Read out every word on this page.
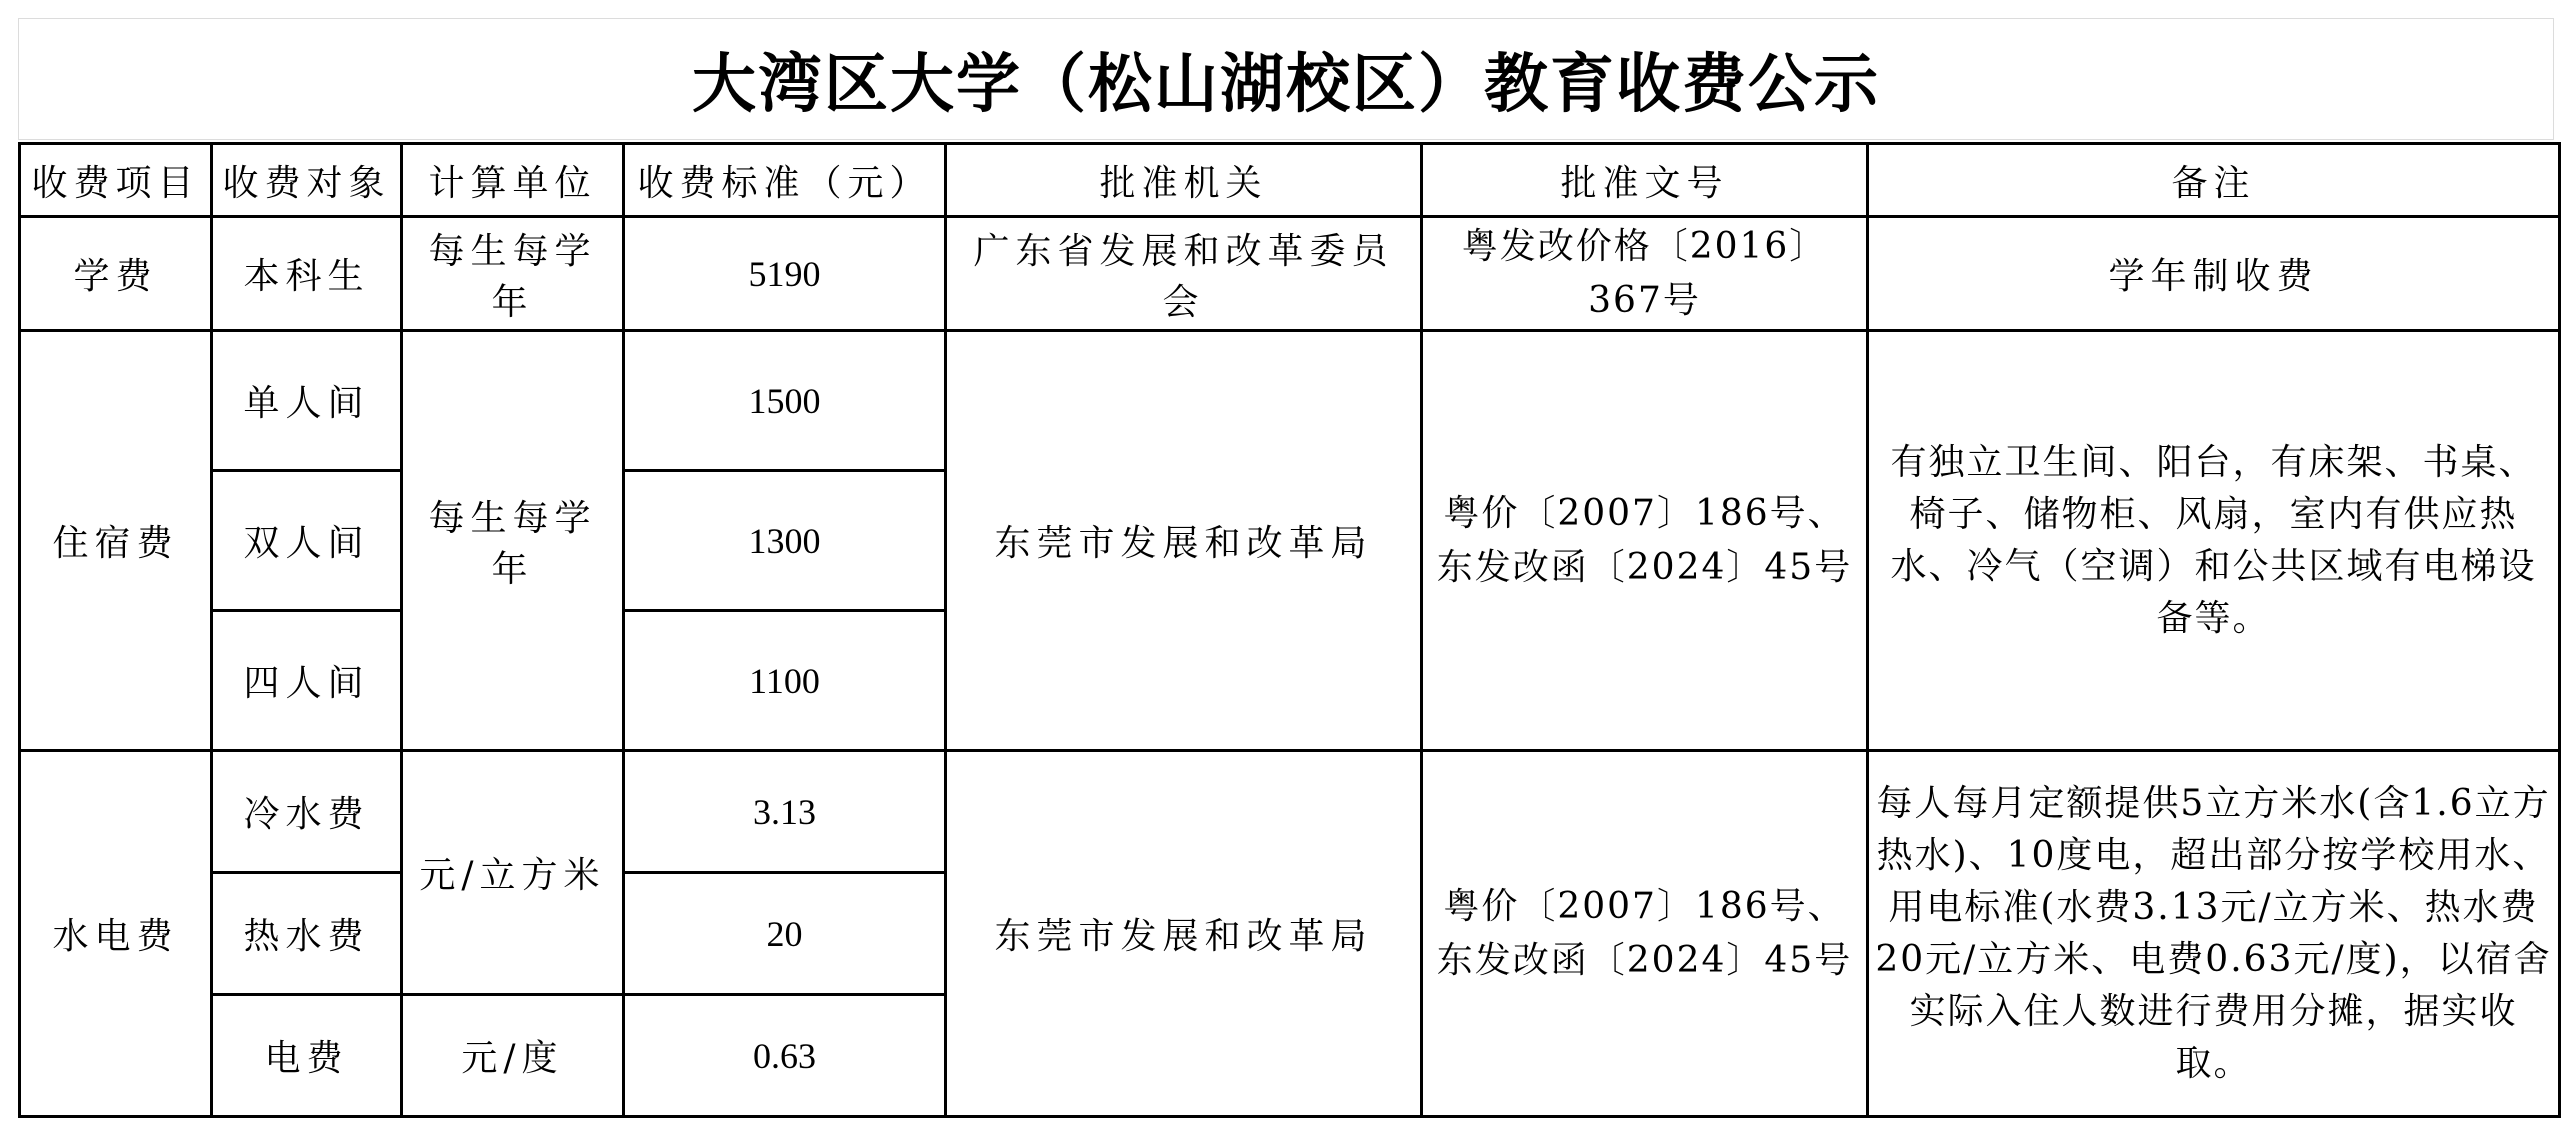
大湾区大学（松山湖校区）教育收费公示
收费项目	收费对象	计算单位	收费标准（元）	批准机关	批准文号	备注
学费	本科生	每生每学年	5190	广东省发展和改革委员会	粤发改价格〔2016〕367号	学年制收费
住宿费	单人间	每生每学年	1500	东莞市发展和改革局	粤价〔2007〕186号、东发改函〔2024〕45号	有独立卫生间、阳台，有床架、书桌、椅子、储物柜、风扇，室内有供应热水、冷气（空调）和公共区域有电梯设备等。
	双人间		1300			
	四人间		1100			
水电费	冷水费	元/立方米	3.13	东莞市发展和改革局	粤价〔2007〕186号、东发改函〔2024〕45号	每人每月定额提供5立方米水(含1.6立方热水)、10度电，超出部分按学校用水、用电标准(水费3.13元/立方米、热水费20元/立方米、电费0.63元/度)，以宿舍实际入住人数进行费用分摊，据实收取。
	热水费		20			
	电费	元/度	0.63			
